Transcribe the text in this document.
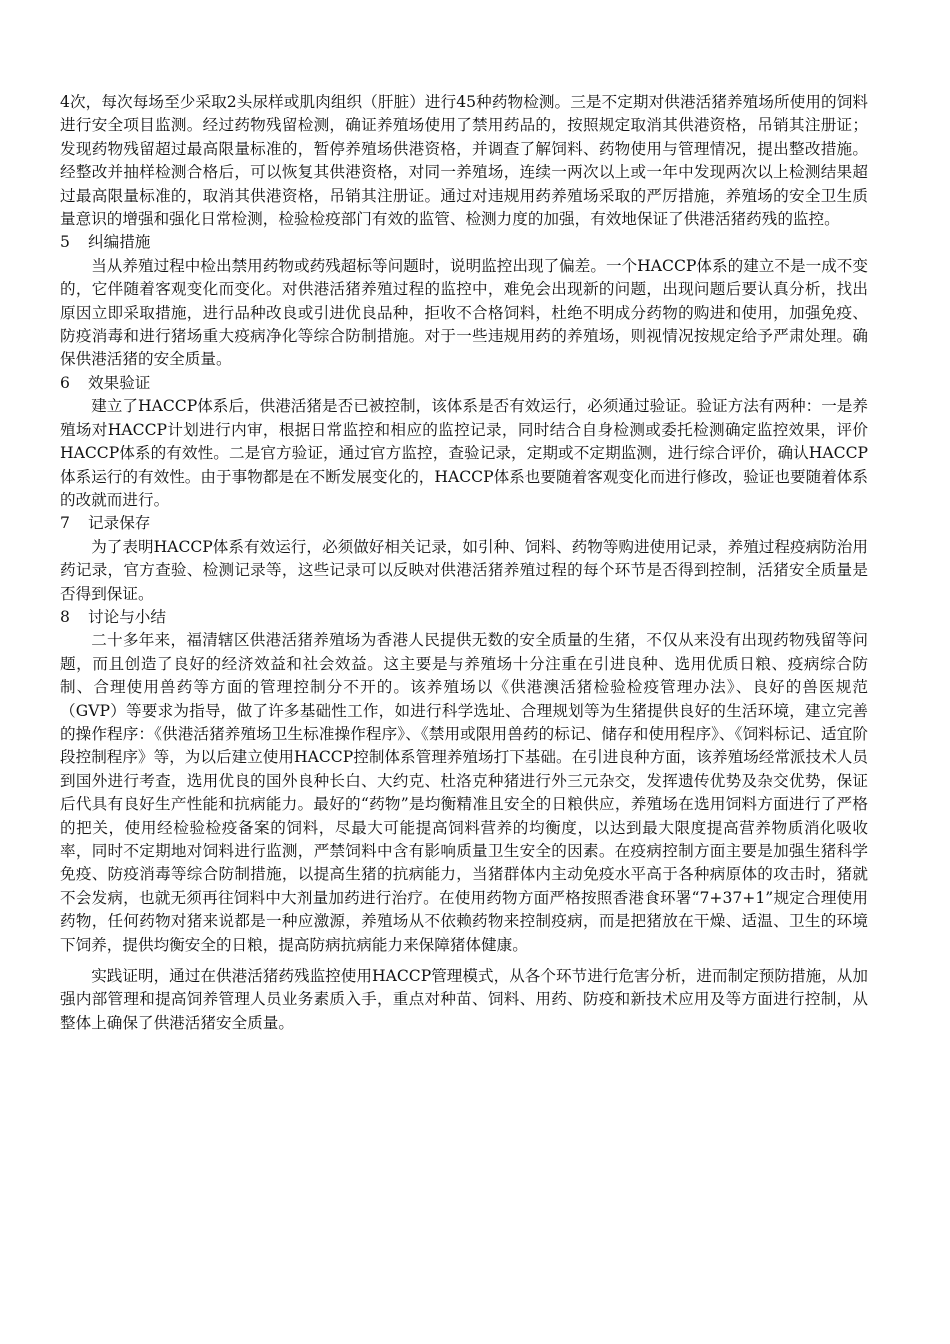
4次，每次每场至少采取2头尿样或肌肉组织（肝脏）进行45种药物检测。三是不定期对供港活猪养殖场所使用的饲料进行安全项目监测。经过药物残留检测，确证养殖场使用了禁用药品的，按照规定取消其供港资格，吊销其注册证；发现药物残留超过最高限量标准的，暂停养殖场供港资格，并调查了解饲料、药物使用与管理情况，提出整改措施。经整改并抽样检测合格后，可以恢复其供港资格，对同一养殖场，连续一两次以上或一年中发现两次以上检测结果超过最高限量标准的，取消其供港资格，吊销其注册证。通过对违规用药养殖场采取的严厉措施，养殖场的安全卫生质量意识的增强和强化日常检测，检验检疫部门有效的监管、检测力度的加强，有效地保证了供港活猪药残的监控。

5	纠编措施

当从养殖过程中检出禁用药物或药残超标等问题时，说明监控出现了偏差。一个HACCP体系的建立不是一成不变的，它伴随着客观变化而变化。对供港活猪养殖过程的监控中，难免会出现新的问题，出现问题后要认真分析，找出原因立即采取措施，进行品种改良或引进优良品种，拒收不合格饲料，杜绝不明成分药物的购进和使用，加强免疫、防疫消毒和进行猪场重大疫病净化等综合防制措施。对于一些违规用药的养殖场，则视情况按规定给予严肃处理。确保供港活猪的安全质量。

6	效果验证

建立了HACCP体系后，供港活猪是否已被控制，该体系是否有效运行，必须通过验证。验证方法有两种：一是养殖场对HACCP计划进行内审，根据日常监控和相应的监控记录，同时结合自身检测或委托检测确定监控效果，评价HACCP体系的有效性。二是官方验证，通过官方监控，查验记录，定期或不定期监测，进行综合评价，确认HACCP体系运行的有效性。由于事物都是在不断发展变化的，HACCP体系也要随着客观变化而进行修改，验证也要随着体系的改就而进行。

7	记录保存

为了表明HACCP体系有效运行，必须做好相关记录，如引种、饲料、药物等购进使用记录，养殖过程疫病防治用药记录，官方查验、检测记录等，这些记录可以反映对供港活猪养殖过程的每个环节是否得到控制，活猪安全质量是否得到保证。

8	讨论与小结

二十多年来，福清辖区供港活猪养殖场为香港人民提供无数的安全质量的生猪，不仅从来没有出现药物残留等问题，而且创造了良好的经济效益和社会效益。这主要是与养殖场十分注重在引进良种、选用优质日粮、疫病综合防制、合理使用兽药等方面的管理控制分不开的。该养殖场以《供港澳活猪检验检疫管理办法》、良好的兽医规范（GVP）等要求为指导，做了许多基础性工作，如进行科学选址、合理规划等为生猪提供良好的生活环境，建立完善的操作程序：《供港活猪养殖场卫生标准操作程序》、《禁用或限用兽药的标记、储存和使用程序》、《饲料标记、适宜阶段控制程序》等，为以后建立使用HACCP控制体系管理养殖场打下基础。在引进良种方面，该养殖场经常派技术人员到国外进行考查，选用优良的国外良种长白、大约克、杜洛克种猪进行外三元杂交，发挥遗传优势及杂交优势，保证后代具有良好生产性能和抗病能力。最好的“药物”是均衡精准且安全的日粮供应，养殖场在选用饲料方面进行了严格的把关，使用经检验检疫备案的饲料，尽最大可能提高饲料营养的均衡度，以达到最大限度提高营养物质消化吸收率，同时不定期地对饲料进行监测，严禁饲料中含有影响质量卫生安全的因素。在疫病控制方面主要是加强生猪科学免疫、防疫消毒等综合防制措施，以提高生猪的抗病能力，当猪群体内主动免疫水平高于各种病原体的攻击时，猪就不会发病，也就无须再往饲料中大剂量加药进行治疗。在使用药物方面严格按照香港食环署“7+37+1”规定合理使用药物，任何药物对猪来说都是一种应激源，养殖场从不依赖药物来控制疫病，而是把猪放在干燥、适温、卫生的环境下饲养，提供均衡安全的日粮，提高防病抗病能力来保障猪体健康。

实践证明，通过在供港活猪药残监控使用HACCP管理模式，从各个环节进行危害分析，进而制定预防措施，从加强内部管理和提高饲养管理人员业务素质入手，重点对种苗、饲料、用药、防疫和新技术应用及等方面进行控制，从整体上确保了供港活猪安全质量。
